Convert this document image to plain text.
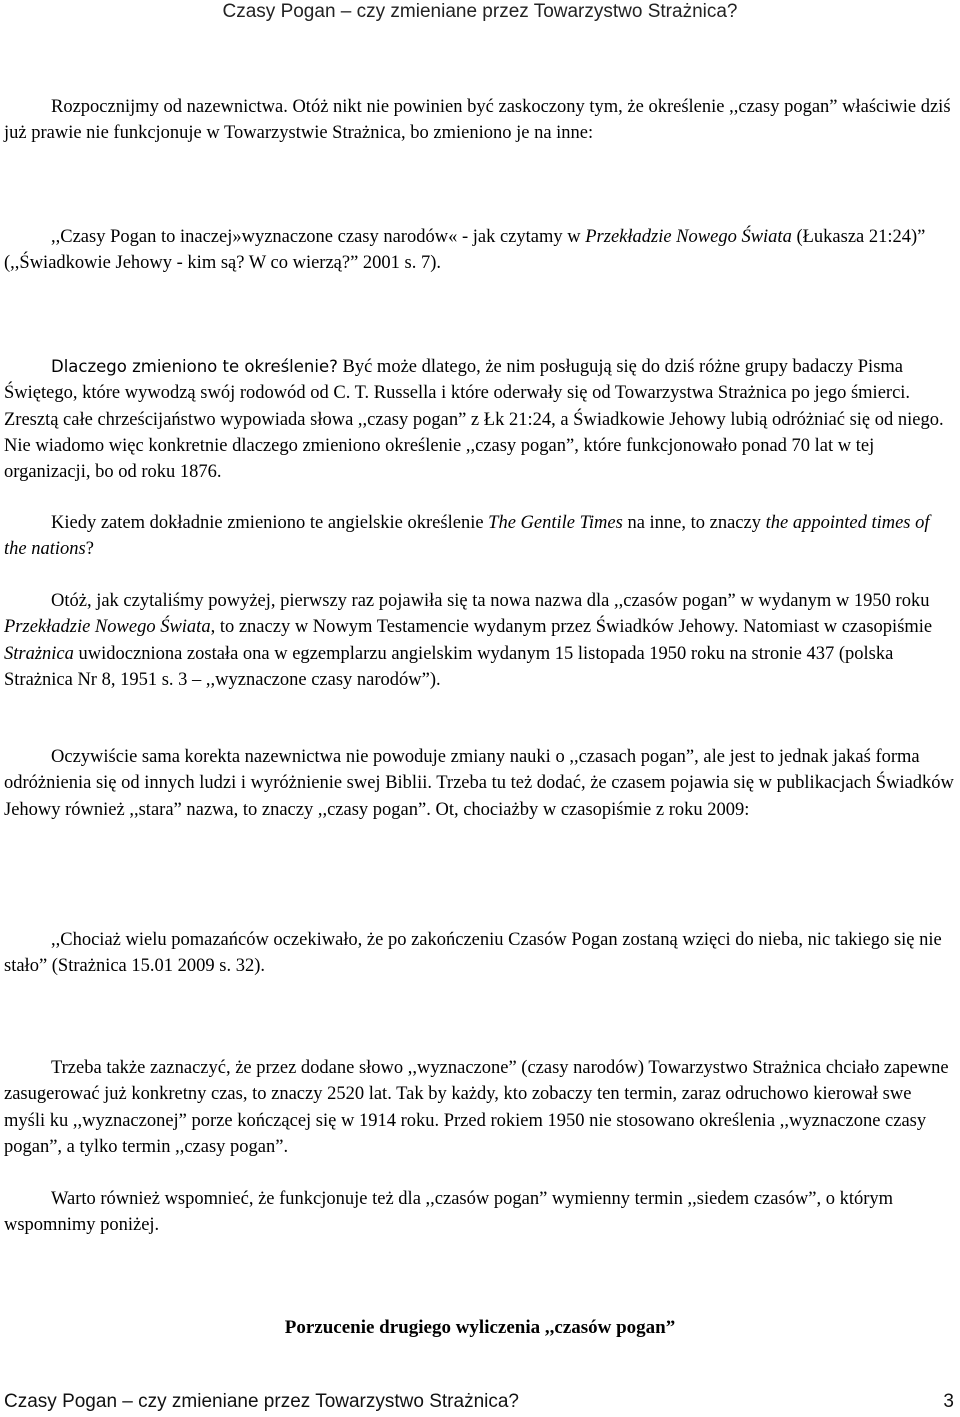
Czasy Pogan – czy zmieniane przez Towarzystwo Strażnica?

Rozpocznijmy od nazewnictwa. Otóż nikt nie powinien być zaskoczony tym, że określenie ,,czasy pogan” właściwie dziś już prawie nie funkcjonuje w Towarzystwie Strażnica, bo zmieniono je na inne:

,,Czasy Pogan to inaczej»wyznaczone czasy narodów« - jak czytamy w Przekładzie Nowego Świata (Łukasza 21:24)” (,,Świadkowie Jehowy - kim są? W co wierzą?” 2001 s. 7).

Dlaczego zmieniono te określenie? Być może dlatego, że nim posługują się do dziś różne grupy badaczy Pisma Świętego, które wywodzą swój rodowód od C. T. Russella i które oderwały się od Towarzystwa Strażnica po jego śmierci. Zresztą całe chrześcijaństwo wypowiada słowa ,,czasy pogan” z Łk 21:24, a Świadkowie Jehowy lubią odróżniać się od niego. Nie wiadomo więc konkretnie dlaczego zmieniono określenie ,,czasy pogan”, które funkcjonowało ponad 70 lat w tej organizacji, bo od roku 1876.

Kiedy zatem dokładnie zmieniono te angielskie określenie The Gentile Times na inne, to znaczy the appointed times of the nations?

Otóż, jak czytaliśmy powyżej, pierwszy raz pojawiła się ta nowa nazwa dla ,,czasów pogan” w wydanym w 1950 roku Przekładzie Nowego Świata, to znaczy w Nowym Testamencie wydanym przez Świadków Jehowy. Natomiast w czasopiśmie Strażnica uwidoczniona została ona w egzemplarzu angielskim wydanym 15 listopada 1950 roku na stronie 437 (polska Strażnica Nr 8, 1951 s. 3 – ,,wyznaczone czasy narodów”).

Oczywiście sama korekta nazewnictwa nie powoduje zmiany nauki o ,,czasach pogan”, ale jest to jednak jakaś forma odróżnienia się od innych ludzi i wyróżnienie swej Biblii. Trzeba tu też dodać, że czasem pojawia się w publikacjach Świadków Jehowy również ,,stara” nazwa, to znaczy ,,czasy pogan”. Ot, chociażby w czasopiśmie z roku 2009:

,,Chociaż wielu pomazańców oczekiwało, że po zakończeniu Czasów Pogan zostaną wzięci do nieba, nic takiego się nie stało” (Strażnica 15.01 2009 s. 32).

Trzeba także zaznaczyć, że przez dodane słowo ,,wyznaczone” (czasy narodów) Towarzystwo Strażnica chciało zapewne zasugerować już konkretny czas, to znaczy 2520 lat. Tak by każdy, kto zobaczy ten termin, zaraz odruchowo kierował swe myśli ku ,,wyznaczonej” porze kończącej się w 1914 roku. Przed rokiem 1950 nie stosowano określenia ,,wyznaczone czasy pogan”, a tylko termin ,,czasy pogan”.

Warto również wspomnieć, że funkcjonuje też dla ,,czasów pogan” wymienny termin ,,siedem czasów”, o którym wspomnimy poniżej.

Porzucenie drugiego wyliczenia ,,czasów pogan”
Czasy Pogan – czy zmieniane przez Towarzystwo Strażnica?	3
